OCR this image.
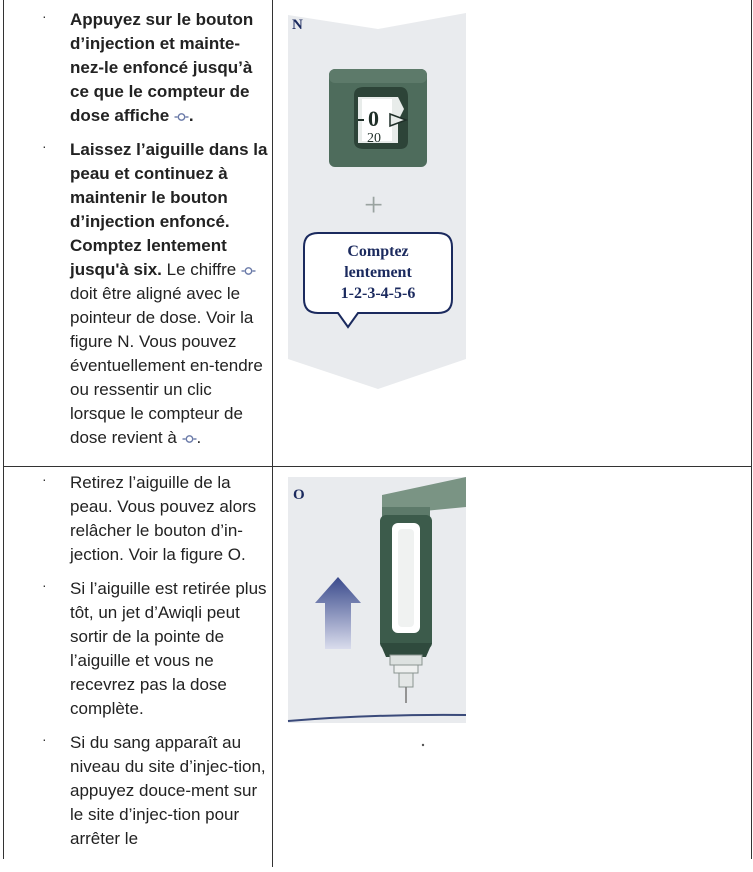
· Appuyez sur le bouton d’injection et mainte-nez-le enfoncé jusqu’à ce que le compteur de dose affiche .

· Laissez l’aiguille dans la peau et continuez à maintenir le bouton d’injection enfoncé. Comptez lentement jusqu'à six. Le chiffre  doit être aligné avec le pointeur de dose. Voir la figure N. Vous pouvez éventuellement en-tendre ou ressentir un clic lorsque le compteur de dose revient à .

N
0
20
+
Comptez
lentement
1-2-3-4-5-6

· Retirez l’aiguille de la peau. Vous pouvez alors relâcher le bouton d’in-jection. Voir la figure O.

· Si l’aiguille est retirée plus tôt, un jet d’Awiqli peut sortir de la pointe de l’aiguille et vous ne recevrez pas la dose complète.

· Si du sang apparaît au niveau du site d’injec-tion, appuyez douce-ment sur le site d’injec-tion pour arrêter le

O
